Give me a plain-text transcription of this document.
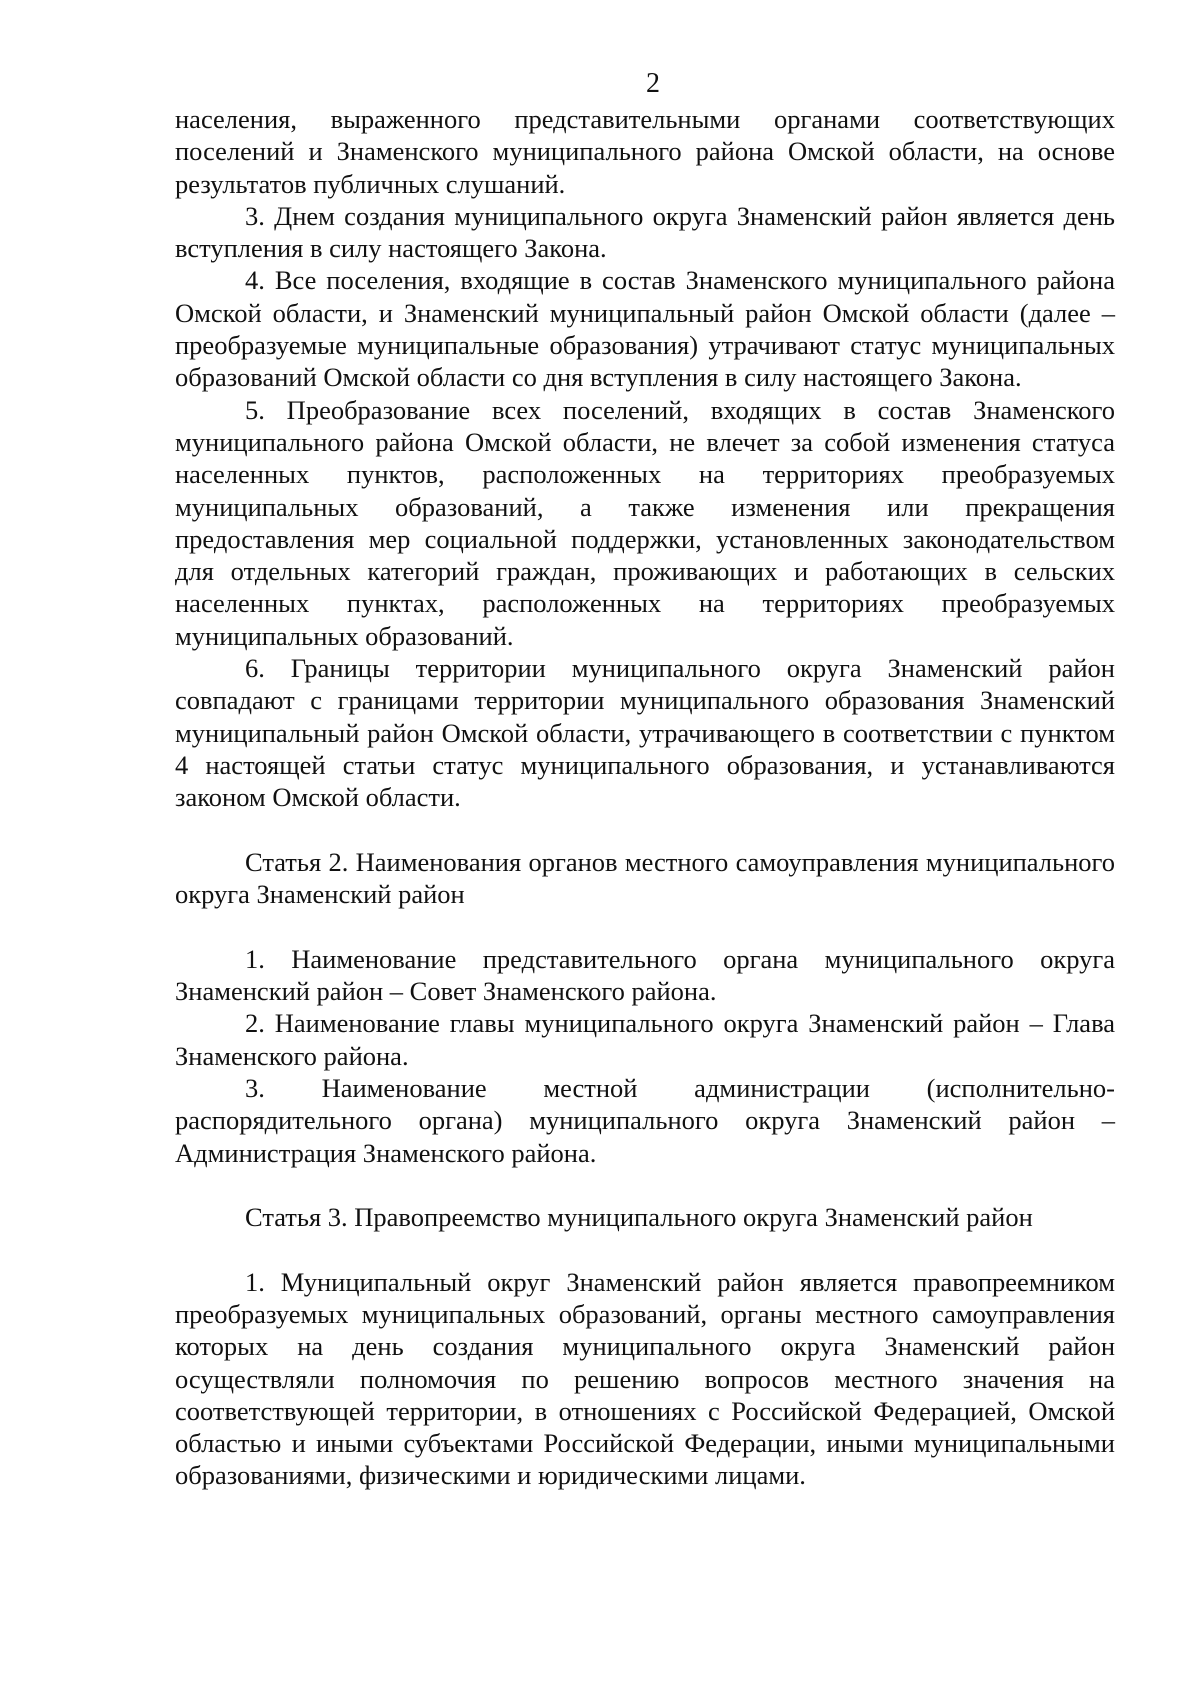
2

населения, выраженного представительными органами соответствующих поселений и Знаменского муниципального района Омской области, на основе результатов публичных слушаний.

3. Днем создания муниципального округа Знаменский район является день вступления в силу настоящего Закона.

4. Все поселения, входящие в состав Знаменского муниципального района Омской области, и Знаменский муниципальный район Омской области (далее – преобразуемые муниципальные образования) утрачивают статус муниципальных образований Омской области со дня вступления в силу настоящего Закона.

5. Преобразование всех поселений, входящих в состав Знаменского муниципального района Омской области, не влечет за собой изменения статуса населенных пунктов, расположенных на территориях преобразуемых муниципальных образований, а также изменения или прекращения предоставления мер социальной поддержки, установленных законодательством для отдельных категорий граждан, проживающих и работающих в сельских населенных пунктах, расположенных на территориях преобразуемых муниципальных образований.

6. Границы территории муниципального округа Знаменский район совпадают с границами территории муниципального образования Знаменский муниципальный район Омской области, утрачивающего в соответствии с пунктом 4 настоящей статьи статус муниципального образования, и устанавливаются законом Омской области.

Статья 2. Наименования органов местного самоуправления муниципального округа Знаменский район

1. Наименование представительного органа муниципального округа Знаменский район – Совет Знаменского района.

2. Наименование главы муниципального округа Знаменский район – Глава Знаменского района.

3. Наименование местной администрации (исполнительно-распорядительного органа) муниципального округа Знаменский район – Администрация Знаменского района.

Статья 3. Правопреемство муниципального округа Знаменский район

1. Муниципальный округ Знаменский район является правопреемником преобразуемых муниципальных образований, органы местного самоуправления которых на день создания муниципального округа Знаменский район осуществляли полномочия по решению вопросов местного значения на соответствующей территории, в отношениях с Российской Федерацией, Омской областью и иными субъектами Российской Федерации, иными муниципальными образованиями, физическими и юридическими лицами.
